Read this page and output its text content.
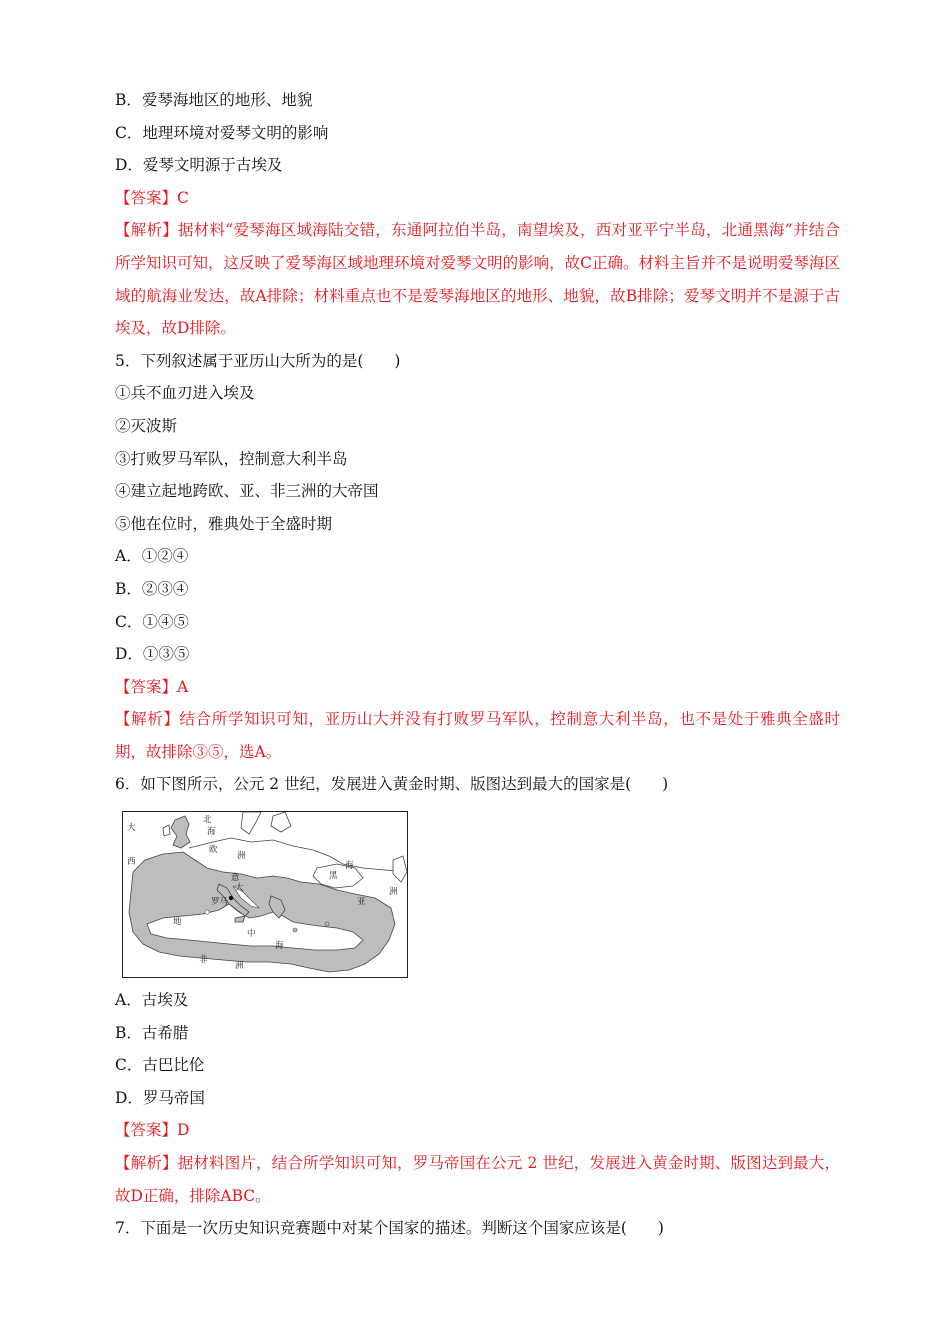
B．爱琴海地区的地形、地貌
C．地理环境对爱琴文明的影响
D．爱琴文明源于古埃及
【答案】C
【解析】据材料“爱琴海区域海陆交错，东通阿拉伯半岛，南望埃及，西对亚平宁半岛，北通黑海”并结合所学知识可知，这反映了爱琴海区域地理环境对爱琴文明的影响，故C正确。材料主旨并不是说明爱琴海区域的航海业发达，故A排除；材料重点也不是爱琴海地区的地形、地貌，故B排除；爱琴文明并不是源于古埃及，故D排除。
5．下列叙述属于亚历山大所为的是(　　)
①兵不血刃进入埃及
②灭波斯
③打败罗马军队，控制意大利半岛
④建立起地跨欧、亚、非三洲的大帝国
⑤他在位时，雅典处于全盛时期
A．①②④
B．②③④
C．①④⑤
D．①③⑤
【答案】A
【解析】结合所学知识可知，亚历山大并没有打败罗马军队，控制意大利半岛，也不是处于雅典全盛时期，故排除③⑤，选A。
6．如下图所示，公元 2 世纪，发展进入黄金时期、版图达到最大的国家是(　　)
大
西
北
海
欧
洲
意
大
罗马
地
中
海
黑
海
亚
洲
非
洲
A．古埃及
B．古希腊
C．古巴比伦
D．罗马帝国
【答案】D
【解析】据材料图片，结合所学知识可知，罗马帝国在公元 2 世纪，发展进入黄金时期、版图达到最大，故D正确，排除ABC。
7．下面是一次历史知识竞赛题中对某个国家的描述。判断这个国家应该是(　　)
